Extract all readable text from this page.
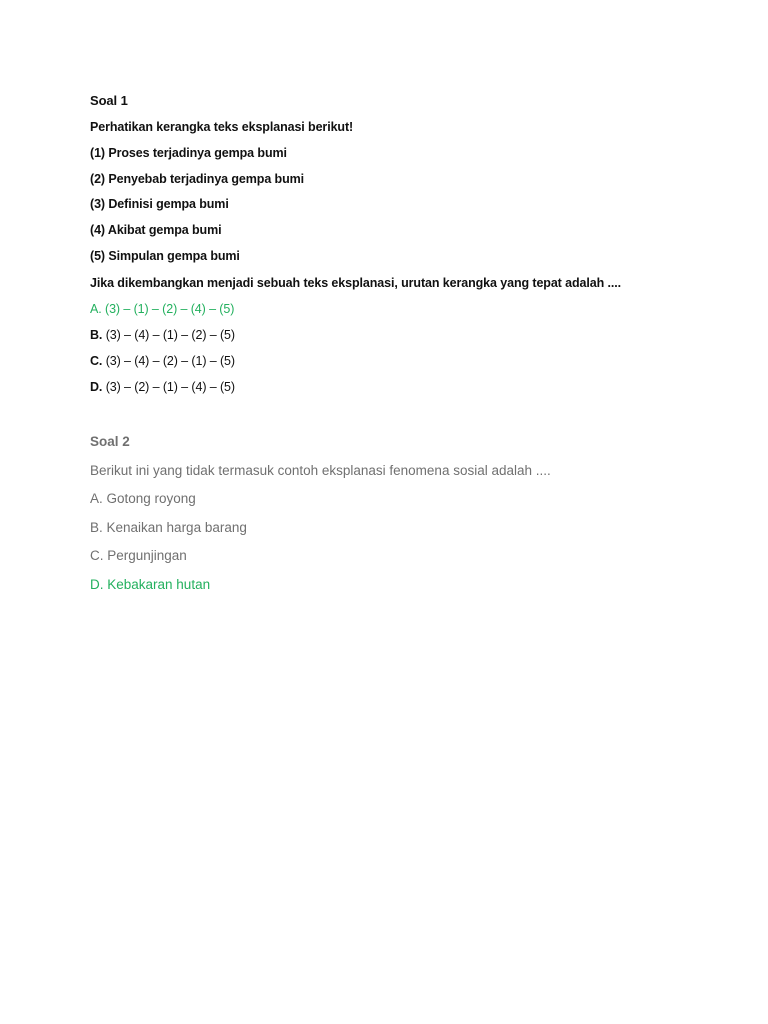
Soal 1
Perhatikan kerangka teks eksplanasi berikut!
(1) Proses terjadinya gempa bumi
(2) Penyebab terjadinya gempa bumi
(3) Definisi gempa bumi
(4) Akibat gempa bumi
(5) Simpulan gempa bumi
Jika dikembangkan menjadi sebuah teks eksplanasi, urutan kerangka yang tepat adalah ....
A. (3) – (1) – (2) – (4) – (5)
B. (3) – (4) – (1) – (2) – (5)
C. (3) – (4) – (2) – (1) – (5)
D. (3) – (2) – (1) – (4) – (5)
Soal 2
Berikut ini yang tidak termasuk contoh eksplanasi fenomena sosial adalah ....
A. Gotong royong
B. Kenaikan harga barang
C. Pergunjingan
D. Kebakaran hutan
